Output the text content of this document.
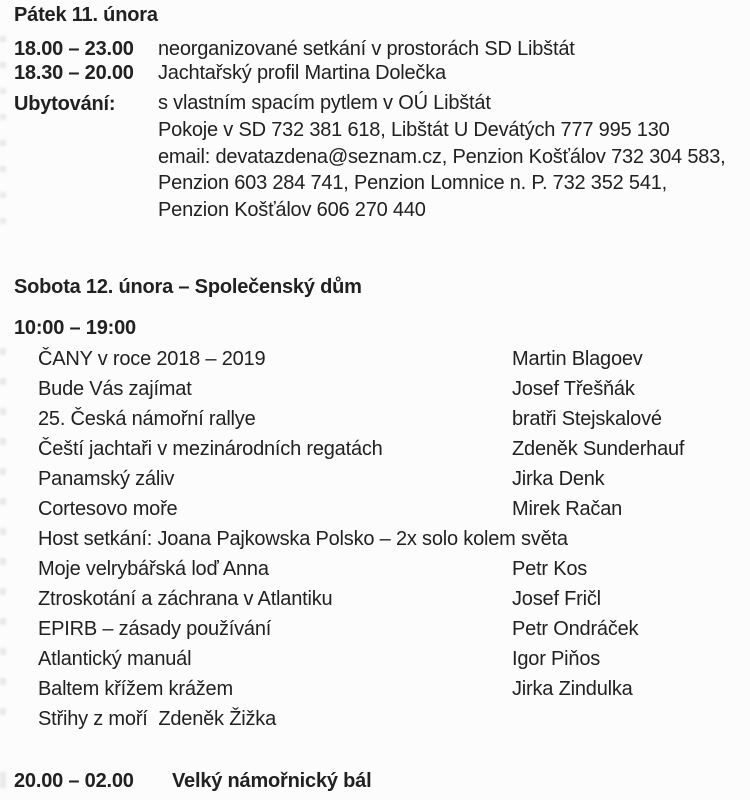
Pátek 11. února
18.00 – 23.00 neorganizované setkání v prostorách SD Libštát
18.30 – 20.00 Jachtařský profil Martina Dolečka
Ubytování: s vlastním spacím pytlem v OÚ Libštát
Pokoje v SD 732 381 618, Libštát U Devátých 777 995 130
email: devatazdena@seznam.cz, Penzion Košťálov 732 304 583,
Penzion 603 284 741, Penzion Lomnice n. P. 732 352 541,
Penzion Košťálov 606 270 440
Sobota 12. února – Společenský dům
10:00 – 19:00
ČANY v roce 2018 – 2019	Martin Blagoev
Bude Vás zajímat	Josef Třešňák
25. Česká námořní rallye	bratři Stejskalové
Čeští jachtaři v mezinárodních regatách	Zdeněk Sunderhauf
Panamský záliv	Jirka Denk
Cortesovo moře	Mirek Račan
Host setkání: Joana Pajkowska Polsko – 2x solo kolem světa
Moje velrybářská loď Anna	Petr Kos
Ztroskotání a záchrana v Atlantiku	Josef Fričl
EPIRB – zásady používání	Petr Ondráček
Atlantický manuál	Igor Piňos
Baltem křížem krážem	Jirka Zindulka
Střihy z moří  Zdeněk Žižka
20.00 – 02.00 Velký námořnický bál
